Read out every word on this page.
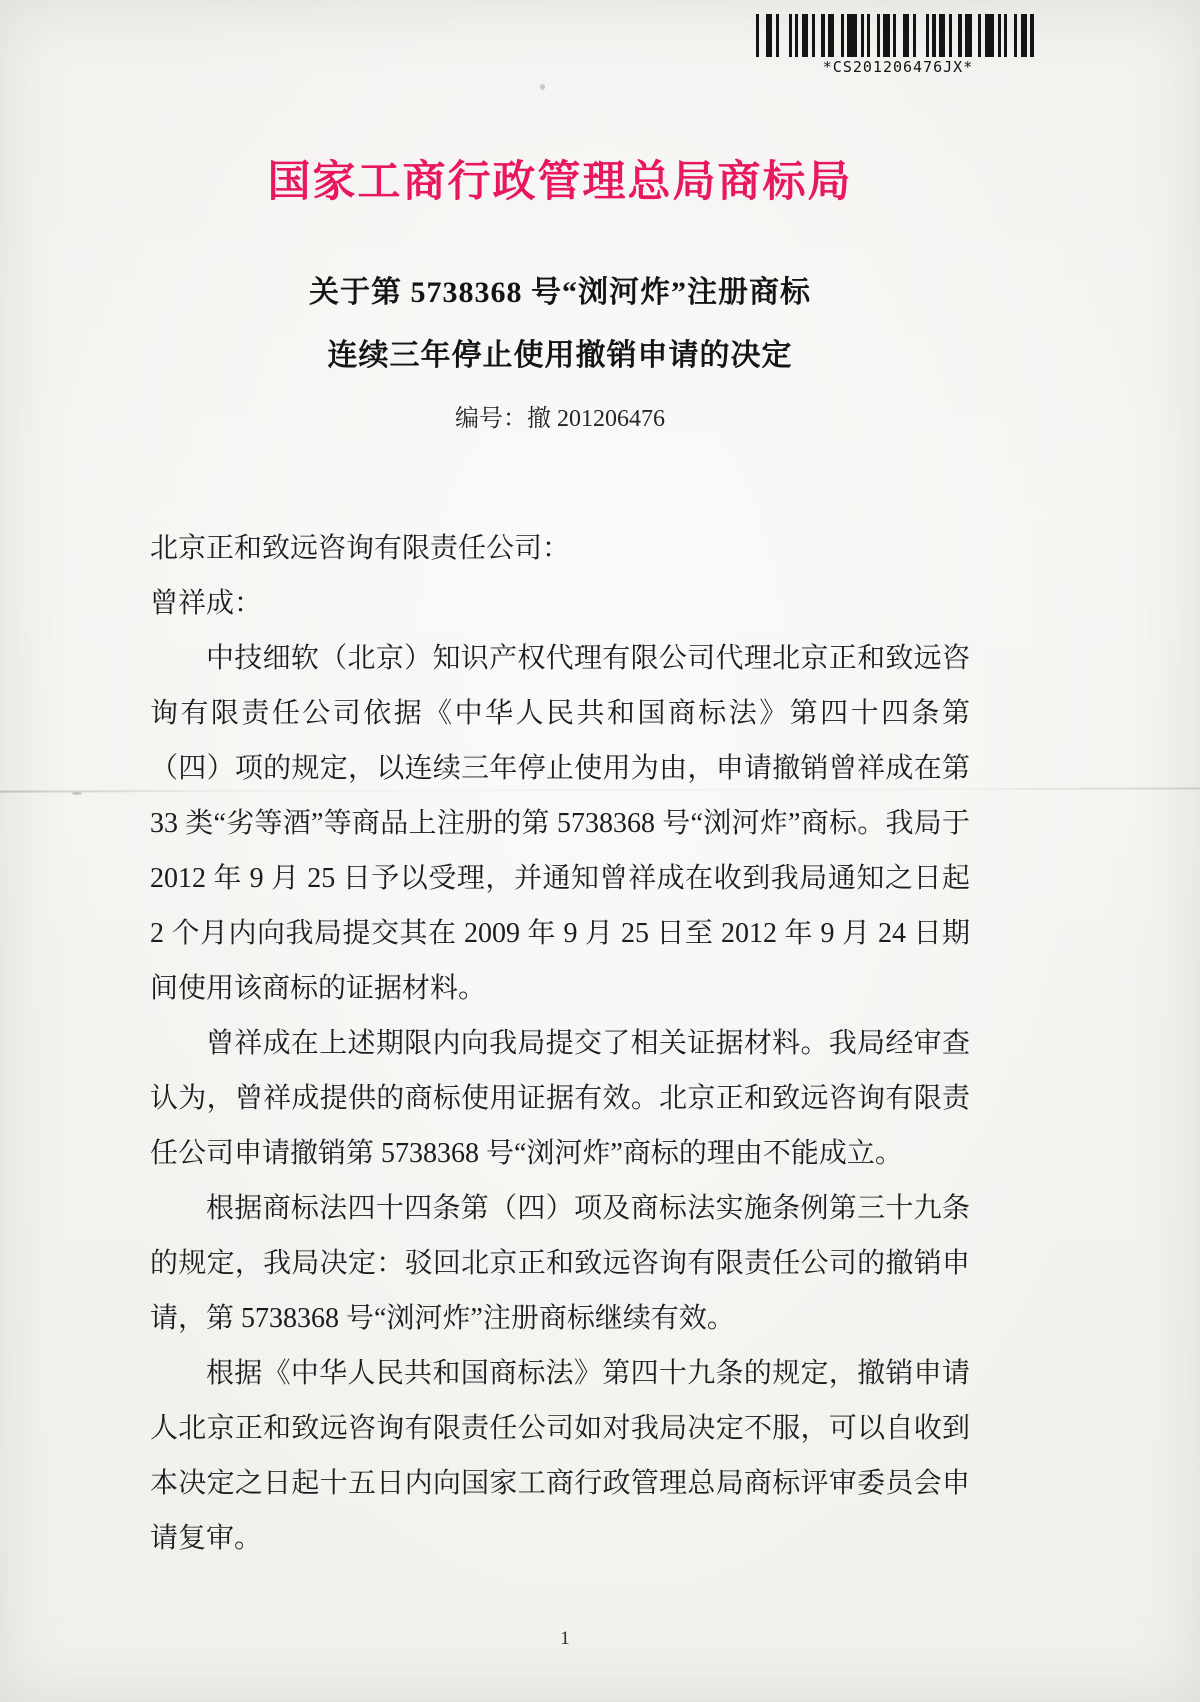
*CS201206476JX*
国家工商行政管理总局商标局
关于第 5738368 号“浏河炸”注册商标
连续三年停止使用撤销申请的决定
编号：撤 201206476
北京正和致远咨询有限责任公司：
曾祥成：

中技细软（北京）知识产权代理有限公司代理北京正和致远咨询有限责任公司依据《中华人民共和国商标法》第四十四条第（四）项的规定，以连续三年停止使用为由，申请撤销曾祥成在第 33 类“劣等酒”等商品上注册的第 5738368 号“浏河炸”商标。我局于 2012 年 9 月 25 日予以受理，并通知曾祥成在收到我局通知之日起 2 个月内向我局提交其在 2009 年 9 月 25 日至 2012 年 9 月 24 日期间使用该商标的证据材料。

曾祥成在上述期限内向我局提交了相关证据材料。我局经审查认为，曾祥成提供的商标使用证据有效。北京正和致远咨询有限责任公司申请撤销第 5738368 号“浏河炸”商标的理由不能成立。

根据商标法四十四条第（四）项及商标法实施条例第三十九条的规定，我局决定：驳回北京正和致远咨询有限责任公司的撤销申请，第 5738368 号“浏河炸”注册商标继续有效。

根据《中华人民共和国商标法》第四十九条的规定，撤销申请人北京正和致远咨询有限责任公司如对我局决定不服，可以自收到本决定之日起十五日内向国家工商行政管理总局商标评审委员会申请复审。

1
